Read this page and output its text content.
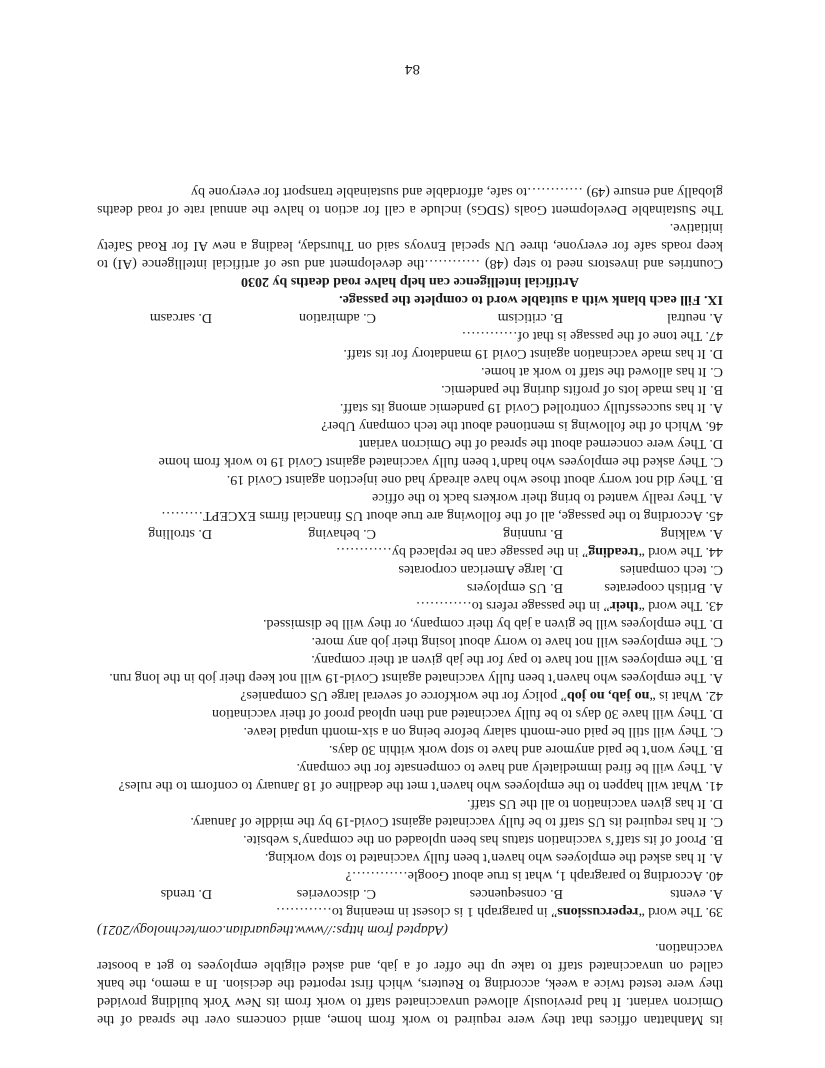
its Manhattan offices that they were required to work from home, amid concerns over the spread of the Omicron variant. It had previously allowed unvaccinated staff to work from its New York building provided they were tested twice a week, according to Reuters, which first reported the decision. In a memo, the bank called on unvaccinated staff to take up the offer of a jab, and asked eligible employees to get a booster vaccination.

(Adapted from https://www.theguardian.com/technology/2021)

39. The word “repercussions” in paragraph 1 is closest in meaning to…………

A. events
B. consequences
C. discoveries
D. trends

40. According to paragraph 1, what is true about Google…………?

A. It has asked the employees who haven’t been fully vaccinated to stop working.

B. Proof of its staff’s vaccination status has been uploaded on the company’s website.

C. It has required its US staff to be fully vaccinated against Covid-19 by the middle of January.

D. It has given vaccination to all the US staff.

41. What will happen to the employees who haven’t met the deadline of 18 January to conform to the rules?

A. They will be fired immediately and have to compensate for the company.

B. They won’t be paid anymore and have to stop work within 30 days.

C. They will still be paid one-month salary before being on a six-month unpaid leave.

D. They will have 30 days to be fully vaccinated and then upload proof of their vaccination

42. What is “no jab, no job” policy for the workforce of several large US companies?

A. The employees who haven’t been fully vaccinated against Covid-19 will not keep their job in the long run.

B. The employees will not have to pay for the jab given at their company.

C. The employees will not have to worry about losing their job any more.

D. The employees will be given a jab by their company, or they will be dismissed.

43. The word “their” in the passage refers to…………

A. British cooperates
B. US employers
C. tech companies
D. large American corporates

44. The word “treading” in the passage can be replaced by…………

A. walking
B. running
C. behaving
D. strolling

45. According to the passage, all of the following are true about US financial firms EXCEPT………

A. They really wanted to bring their workers back to the office

B. They did not worry about those who have already had one injection against Covid 19.

C. They asked the employees who hadn’t been fully vaccinated against Covid 19 to work from home

D. They were concerned about the spread of the Omicron variant

46. Which of the following is mentioned about the tech company Uber?

A. It has successfully controlled Covid 19 pandemic among its staff.

B. It has made lots of profits during the pandemic.

C. It has allowed the staff to work at home.

D. It has made vaccination against Covid 19 mandatory for its staff.

47. The tone of the passage is that of…………

A. neutral
B. criticism
C. admiration
D. sarcasm

IX. Fill each blank with a suitable word to complete the passage.

Artificial intelligence can help halve road deaths by 2030

Countries and investors need to step (48) …………the development and use of artificial intelligence (AI) to keep roads safe for everyone, three UN special Envoys said on Thursday, leading a new AI for Road Safety initiative.

The Sustainable Development Goals (SDGs) include a call for action to halve the annual rate of road deaths globally and ensure (49) …………to safe, affordable and sustainable transport for everyone by

84
